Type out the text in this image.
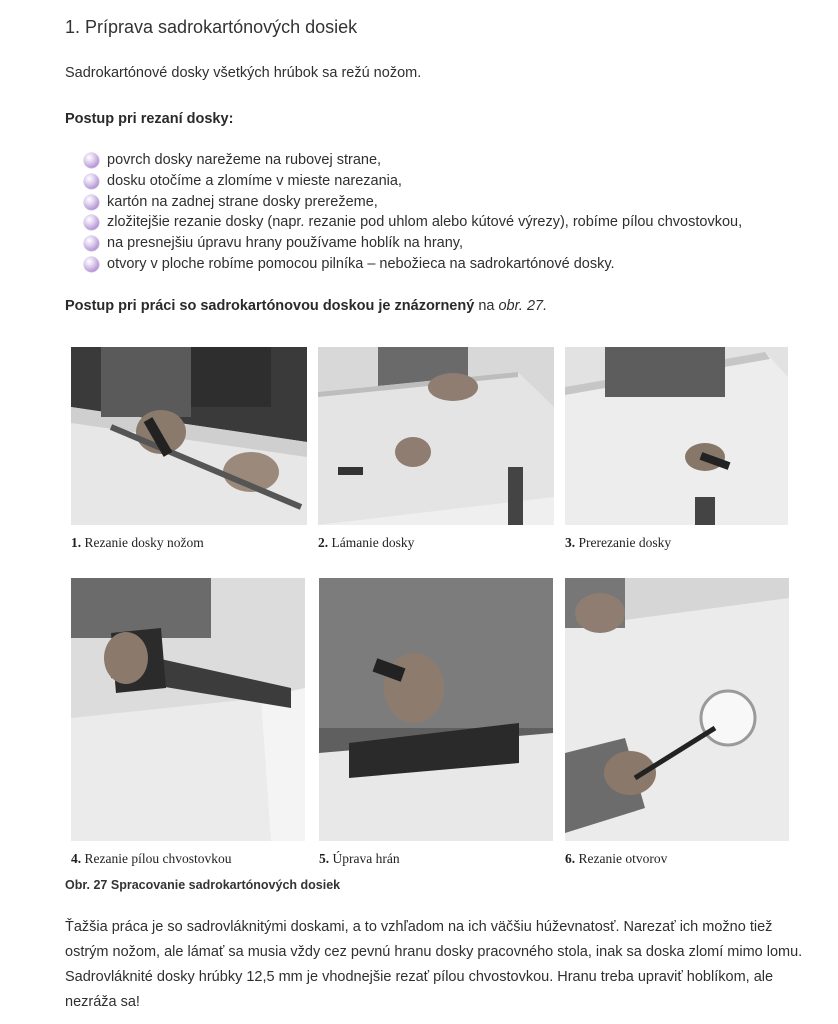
1. Príprava sadrokartónových dosiek
Sadrokartónové dosky všetkých hrúbok sa režú nožom.
Postup pri rezaní dosky:
povrch dosky narežeme na rubovej strane,
dosku otočíme a zlomíme v mieste narezania,
kartón na zadnej strane dosky prerežeme,
zložitejšie rezanie dosky (napr. rezanie pod uhlom alebo kútové výrezy), robíme pílou chvostovkou,
na presnejšiu úpravu hrany používame hoblík na hrany,
otvory v ploche robíme pomocou pilníka – nebožieca na sadrokartónové dosky.
Postup pri práci so sadrokartónovou doskou je znázornený na obr. 27.
1. Rezanie dosky nožom	2. Lámanie dosky	3. Prerezanie dosky
4. Rezanie pílou chvostovkou	5. Úprava hrán	6. Rezanie otvorov
Obr. 27 Spracovanie sadrokartónových dosiek
Ťažšia práca je so sadrovláknitými doskami, a to vzhľadom na ich väčšiu húževnatosť. Narezať ich možno tiež ostrým nožom, ale lámať sa musia vždy cez pevnú hranu dosky pracovného stola, inak sa doska zlomí mimo lomu. Sadrovláknité dosky hrúbky 12,5 mm je vhodnejšie rezať pílou chvostovkou. Hranu treba upraviť hoblíkom, ale nezráža sa!
